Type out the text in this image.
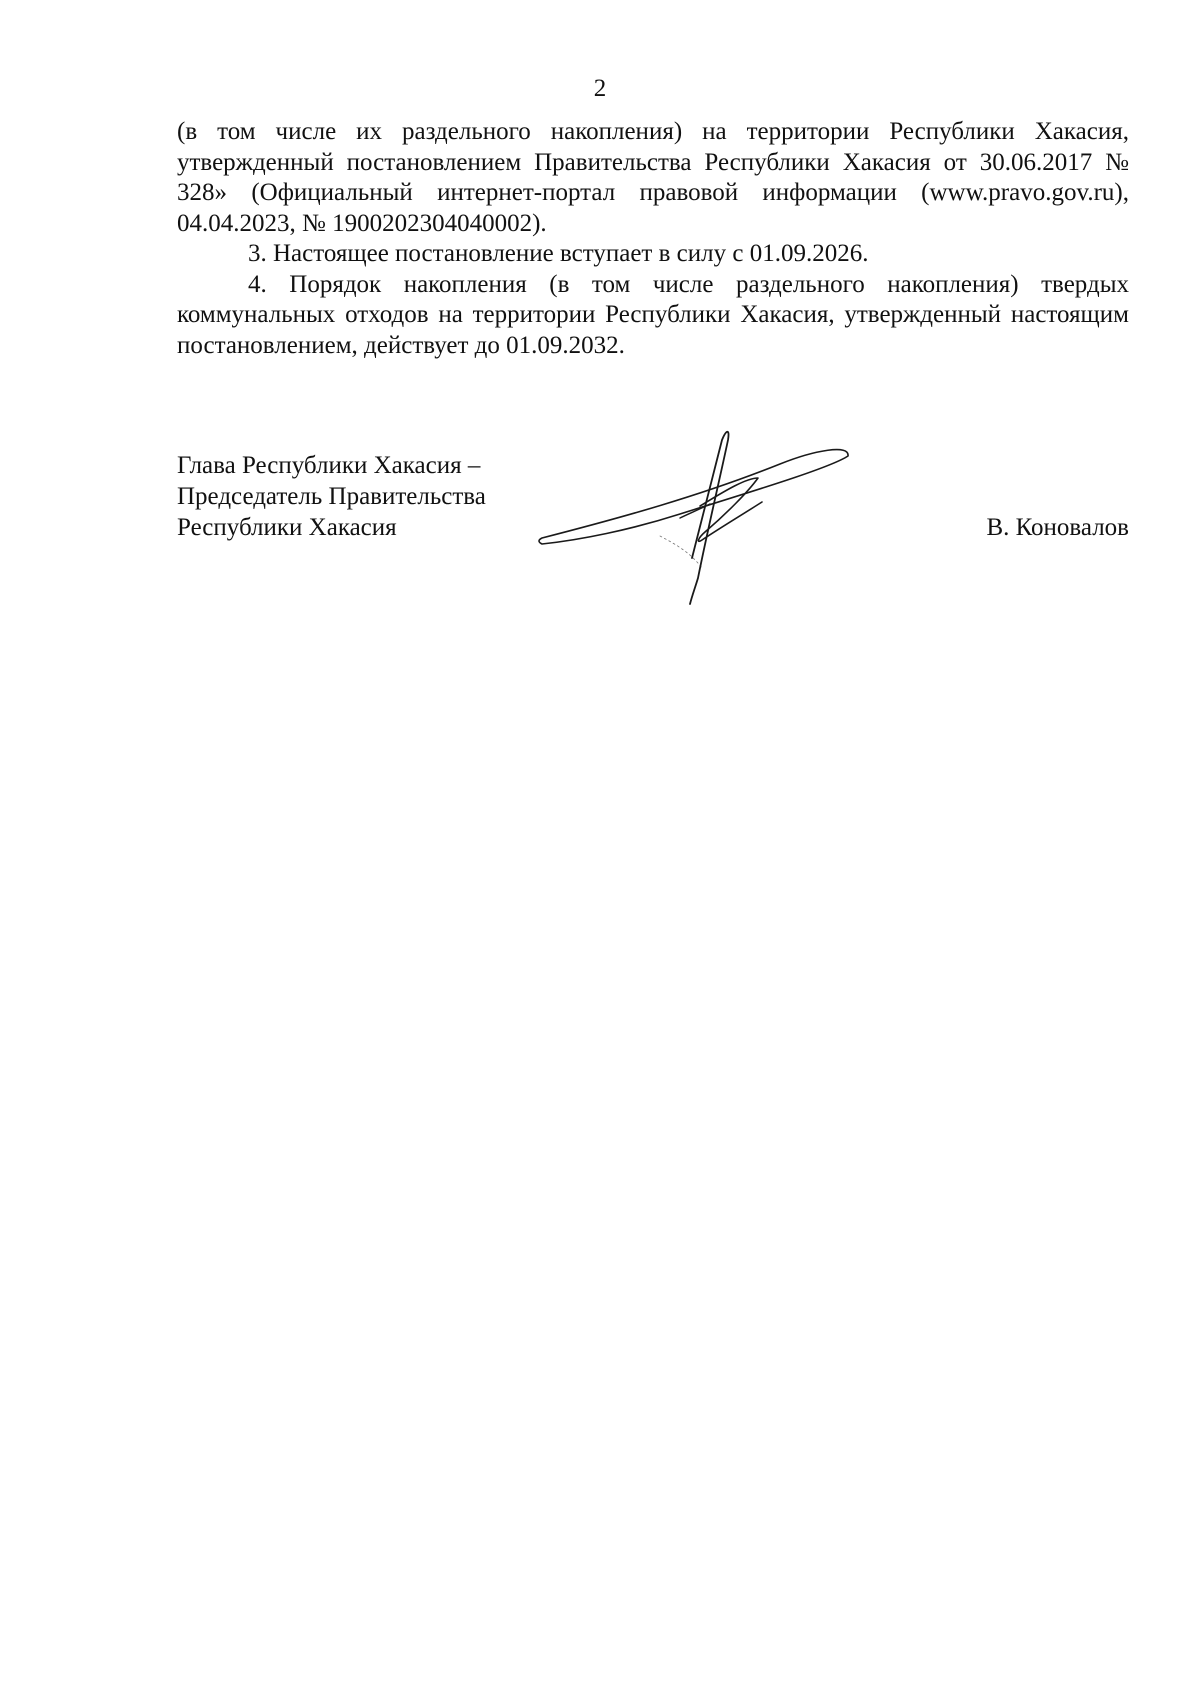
2

(в том числе их раздельного накопления) на территории Республики Хакасия, утвержденный постановлением Правительства Республики Хакасия от 30.06.2017 № 328» (Официальный интернет-портал правовой информации (www.pravo.gov.ru), 04.04.2023, № 1900202304040002).

3. Настоящее постановление вступает в силу с 01.09.2026.

4. Порядок накопления (в том числе раздельного накопления) твердых коммунальных отходов на территории Республики Хакасия, утвержденный настоящим постановлением, действует до 01.09.2032.

Глава Республики Хакасия –
Председатель Правительства
Республики Хакасия	В. Коновалов
